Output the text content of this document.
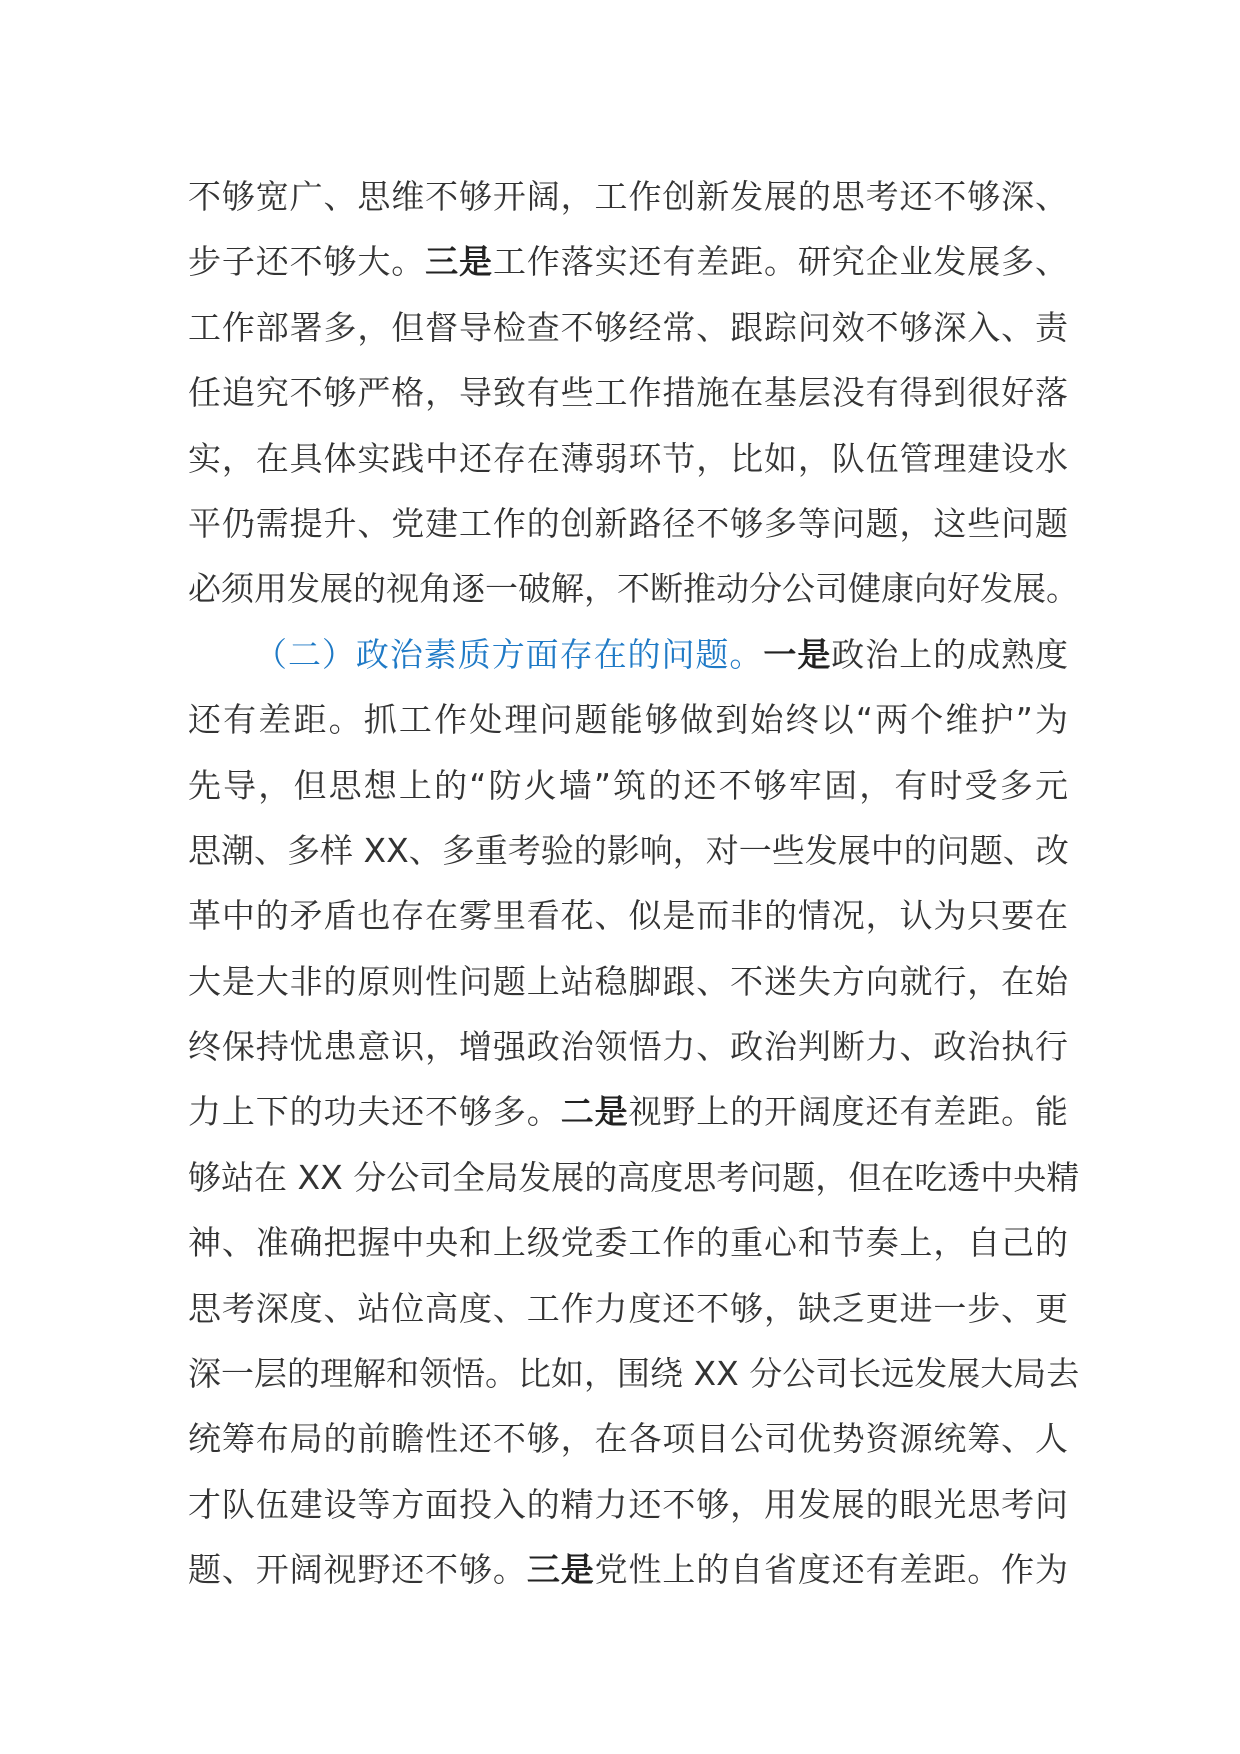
不够宽广、思维不够开阔，工作创新发展的思考还不够深、
步子还不够大。三是工作落实还有差距。研究企业发展多、
工作部署多，但督导检查不够经常、跟踪问效不够深入、责
任追究不够严格，导致有些工作措施在基层没有得到很好落
实，在具体实践中还存在薄弱环节，比如，队伍管理建设水
平仍需提升、党建工作的创新路径不够多等问题，这些问题
必须用发展的视角逐一破解，不断推动分公司健康向好发展。
（二）政治素质方面存在的问题。一是政治上的成熟度
还有差距。抓工作处理问题能够做到始终以“两个维护”为
先导，但思想上的“防火墙”筑的还不够牢固，有时受多元
思潮、多样 XX、多重考验的影响，对一些发展中的问题、改
革中的矛盾也存在雾里看花、似是而非的情况，认为只要在
大是大非的原则性问题上站稳脚跟、不迷失方向就行，在始
终保持忧患意识，增强政治领悟力、政治判断力、政治执行
力上下的功夫还不够多。二是视野上的开阔度还有差距。能
够站在 XX 分公司全局发展的高度思考问题，但在吃透中央精
神、准确把握中央和上级党委工作的重心和节奏上，自己的
思考深度、站位高度、工作力度还不够，缺乏更进一步、更
深一层的理解和领悟。比如，围绕 XX 分公司长远发展大局去
统筹布局的前瞻性还不够，在各项目公司优势资源统筹、人
才队伍建设等方面投入的精力还不够，用发展的眼光思考问
题、开阔视野还不够。三是党性上的自省度还有差距。作为
